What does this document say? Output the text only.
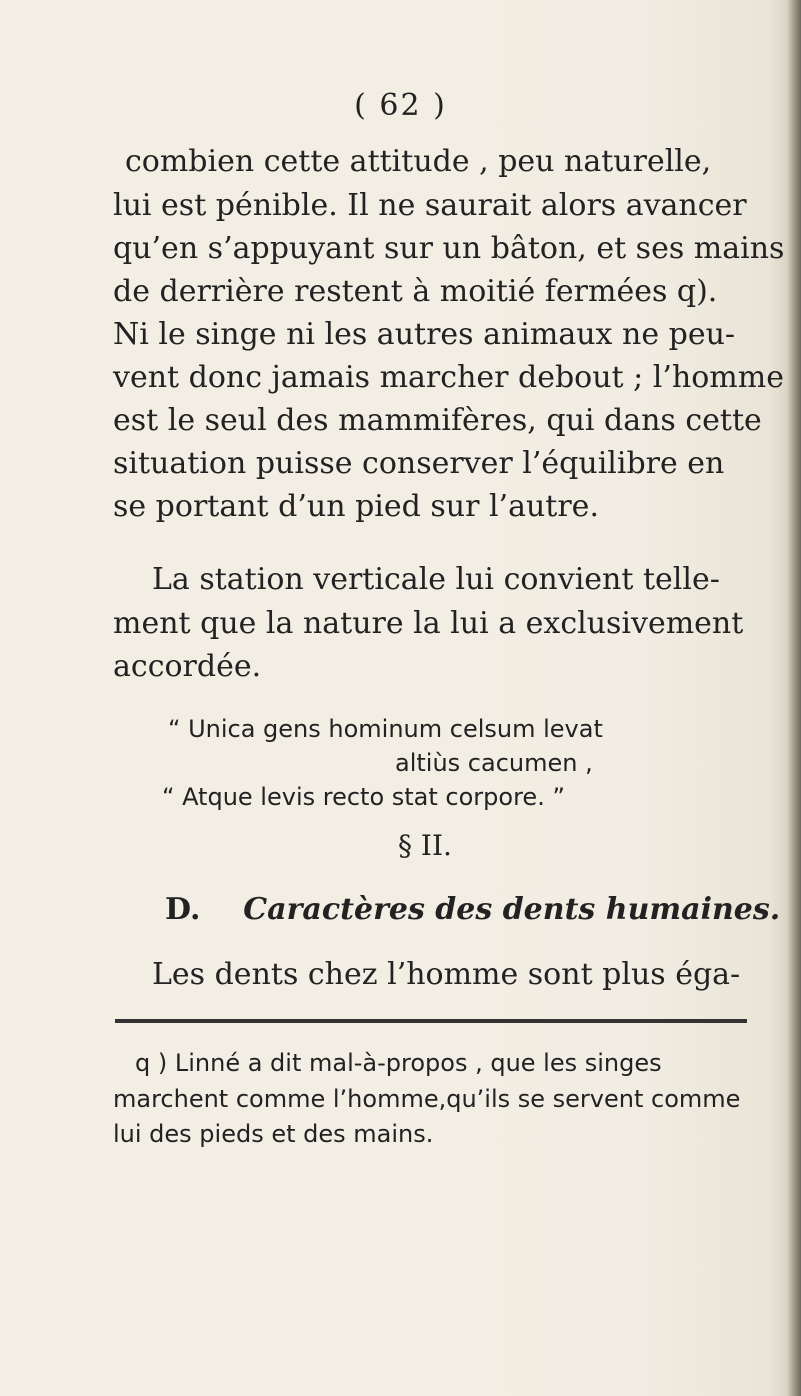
( 62 )
combien cette attitude , peu naturelle,
lui est pénible. Il ne saurait alors avancer
qu’en s’appuyant sur un bâton, et ses mains
de derrière restent à moitié fermées q).
Ni le singe ni les autres animaux ne peu-
vent donc jamais marcher debout ; l’homme
est le seul des mammifères, qui dans cette
situation puisse conserver l’équilibre en
se portant d’un pied sur l’autre.
La station verticale lui convient telle-
ment que la nature la lui a exclusivement
accordée.
“ Unica gens hominum celsum levat
altiùs cacumen ,
“ Atque levis recto stat corpore. ”
§ II.
D. Caractères des dents humaines.
Les dents chez l’homme sont plus éga-
q ) Linné a dit mal-à-propos , que les singes
marchent comme l’homme,qu’ils se servent comme
lui des pieds et des mains.
